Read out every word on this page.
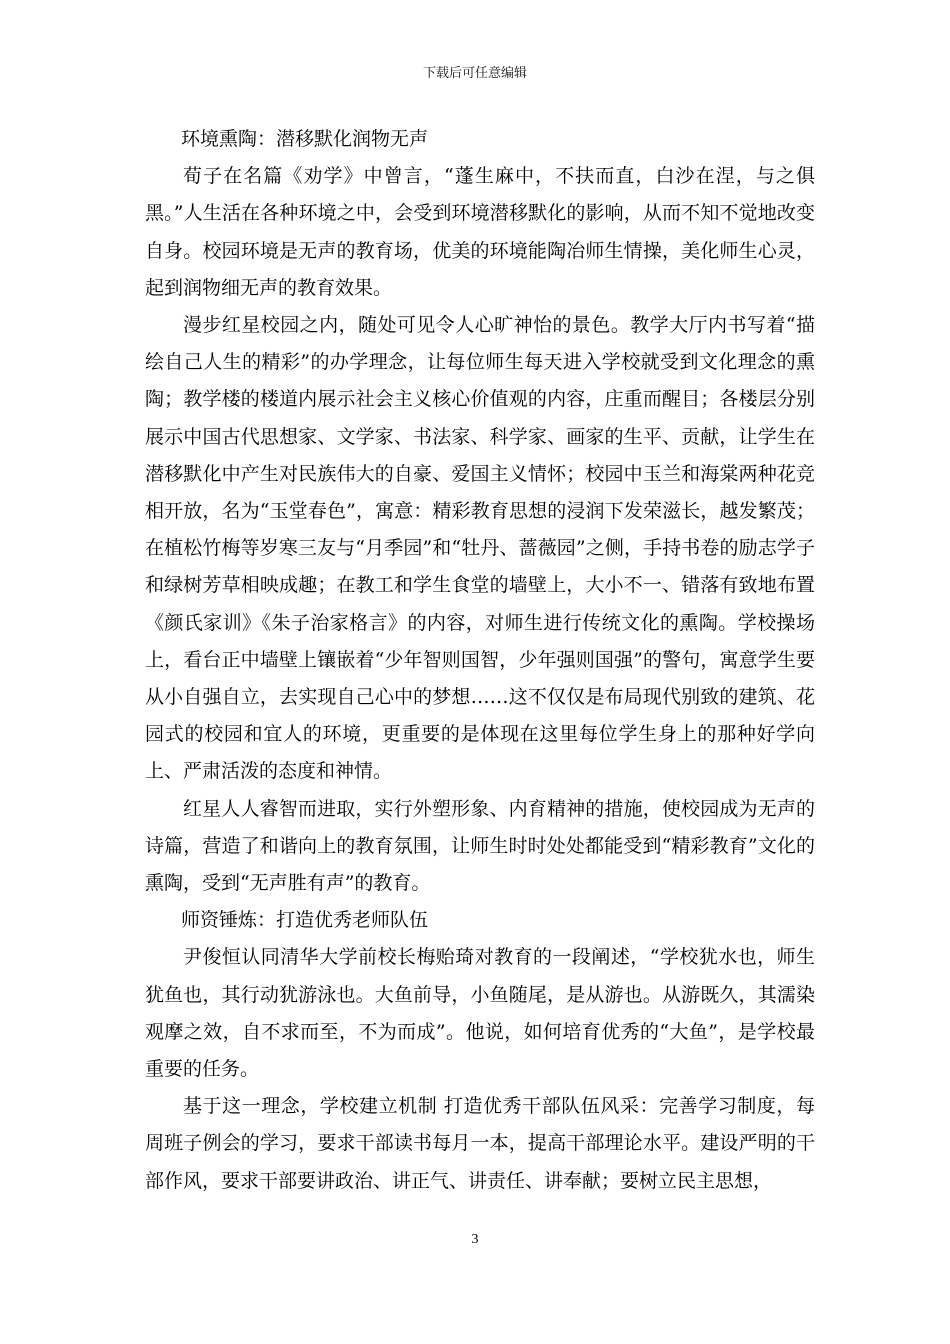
下载后可任意编辑

环境熏陶：潜移默化润物无声

荀子在名篇《劝学》中曾言，“蓬生麻中，不扶而直，白沙在涅，与之俱黑。”人生活在各种环境之中，会受到环境潜移默化的影响，从而不知不觉地改变自身。校园环境是无声的教育场，优美的环境能陶冶师生情操，美化师生心灵，起到润物细无声的教育效果。

漫步红星校园之内，随处可见令人心旷神怡的景色。教学大厅内书写着“描绘自己人生的精彩”的办学理念，让每位师生每天进入学校就受到文化理念的熏陶；教学楼的楼道内展示社会主义核心价值观的内容，庄重而醒目；各楼层分别展示中国古代思想家、文学家、书法家、科学家、画家的生平、贡献，让学生在潜移默化中产生对民族伟大的自豪、爱国主义情怀；校园中玉兰和海棠两种花竞相开放，名为“玉堂春色”，寓意：精彩教育思想的浸润下发荣滋长，越发繁茂；在植松竹梅等岁寒三友与“月季园”和“牡丹、蔷薇园”之侧，手持书卷的励志学子和绿树芳草相映成趣；在教工和学生食堂的墙壁上，大小不一、错落有致地布置《颜氏家训》《朱子治家格言》的内容，对师生进行传统文化的熏陶。学校操场上，看台正中墙壁上镶嵌着“少年智则国智，少年强则国强”的警句，寓意学生要从小自强自立，去实现自己心中的梦想……这不仅仅是布局现代别致的建筑、花园式的校园和宜人的环境，更重要的是体现在这里每位学生身上的那种好学向上、严肃活泼的态度和神情。

红星人人睿智而进取，实行外塑形象、内育精神的措施，使校园成为无声的诗篇，营造了和谐向上的教育氛围，让师生时时处处都能受到“精彩教育”文化的熏陶，受到“无声胜有声”的教育。

师资锤炼：打造优秀老师队伍

尹俊恒认同清华大学前校长梅贻琦对教育的一段阐述，“学校犹水也，师生犹鱼也，其行动犹游泳也。大鱼前导，小鱼随尾，是从游也。从游既久，其濡染观摩之效，自不求而至，不为而成”。他说，如何培育优秀的“大鱼”，是学校最重要的任务。

基于这一理念，学校建立机制 打造优秀干部队伍风采：完善学习制度，每周班子例会的学习，要求干部读书每月一本，提高干部理论水平。建设严明的干部作风，要求干部要讲政治、讲正气、讲责任、讲奉献；要树立民主思想，

3
